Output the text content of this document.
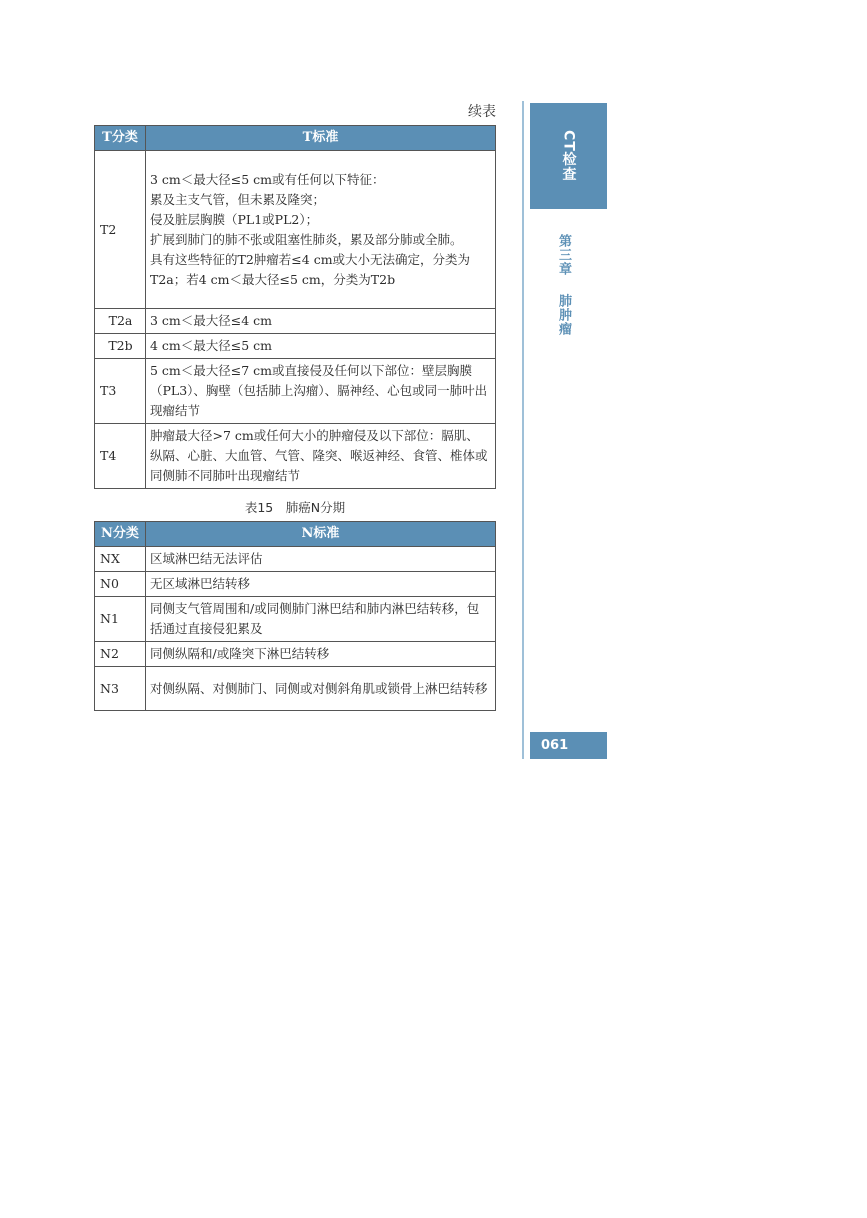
续表
T分类	T标准
T2	3 cm＜最大径≤5 cm或有任何以下特征：
累及主支气管，但未累及隆突；
侵及脏层胸膜（PL1或PL2）；
扩展到肺门的肺不张或阻塞性肺炎，累及部分肺或全肺。
具有这些特征的T2肿瘤若≤4 cm或大小无法确定，分类为T2a；若4 cm＜最大径≤5 cm，分类为T2b

T2a	3 cm＜最大径≤4 cm
T2b	4 cm＜最大径≤5 cm
T3	5 cm＜最大径≤7 cm或直接侵及任何以下部位：壁层胸膜（PL3）、胸壁（包括肺上沟瘤）、膈神经、心包或同一肺叶出现瘤结节
T4	肿瘤最大径>7 cm或任何大小的肿瘤侵及以下部位：膈肌、纵隔、心脏、大血管、气管、隆突、喉返神经、食管、椎体或同侧肺不同肺叶出现瘤结节
表15　肺癌N分期
N分类	N标准
NX	区域淋巴结无法评估
N0	无区域淋巴结转移
N1	同侧支气管周围和/或同侧肺门淋巴结和肺内淋巴结转移，包括通过直接侵犯累及
N2	同侧纵隔和/或隆突下淋巴结转移
N3	对侧纵隔、对侧肺门、同侧或对侧斜角肌或锁骨上淋巴结转移
CT检查
第三章肺肿瘤
061
